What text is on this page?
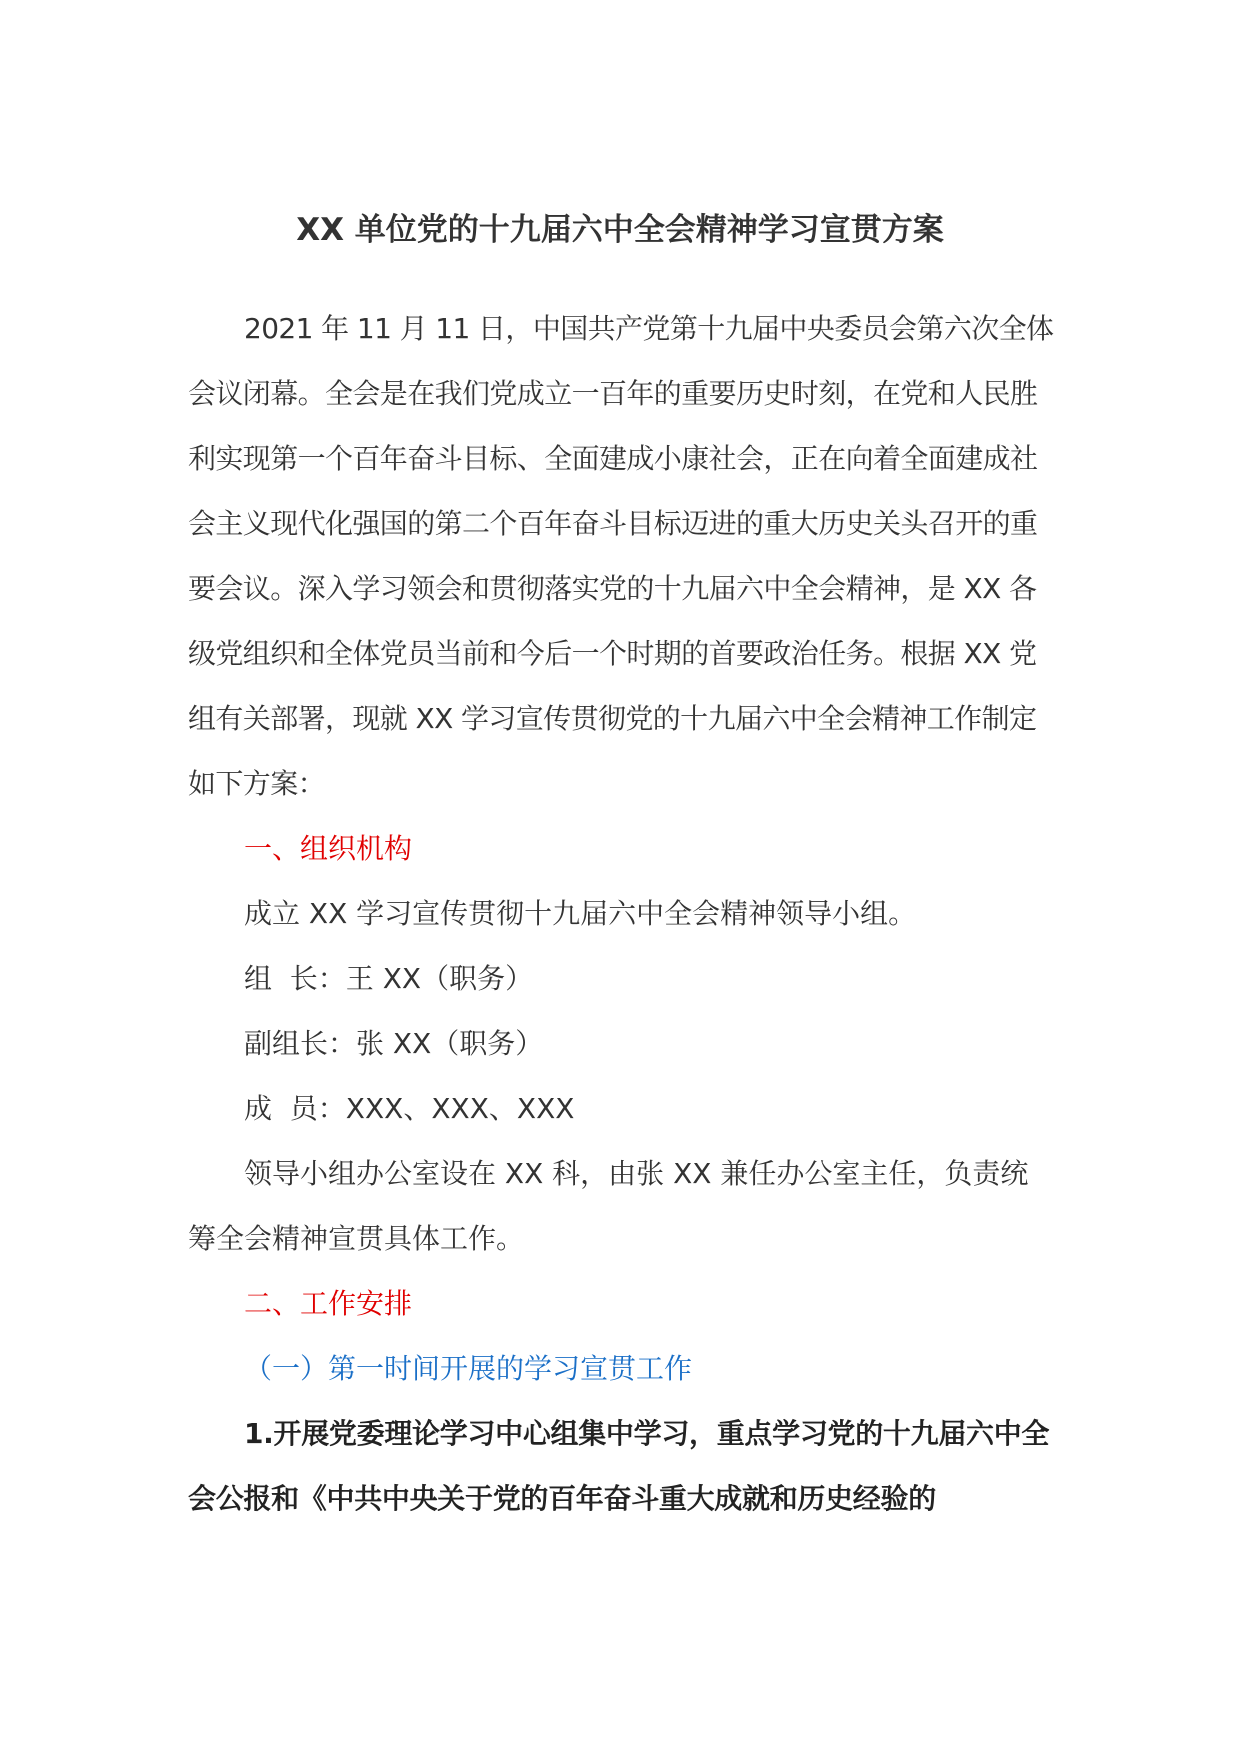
XX 单位党的十九届六中全会精神学习宣贯方案

2021 年 11 月 11 日，中国共产党第十九届中央委员会第六次全体会议闭幕。全会是在我们党成立一百年的重要历史时刻，在党和人民胜利实现第一个百年奋斗目标、全面建成小康社会，正在向着全面建成社会主义现代化强国的第二个百年奋斗目标迈进的重大历史关头召开的重要会议。深入学习领会和贯彻落实党的十九届六中全会精神，是 XX 各级党组织和全体党员当前和今后一个时期的首要政治任务。根据 XX 党组有关部署，现就 XX 学习宣传贯彻党的十九届六中全会精神工作制定如下方案：

一、组织机构

成立 XX 学习宣传贯彻十九届六中全会精神领导小组。

组  长：王 XX（职务）

副组长：张 XX（职务）

成  员：XXX、XXX、XXX

领导小组办公室设在 XX 科，由张 XX 兼任办公室主任，负责统筹全会精神宣贯具体工作。

二、工作安排

（一）第一时间开展的学习宣贯工作

1.开展党委理论学习中心组集中学习，重点学习党的十九届六中全会公报和《中共中央关于党的百年奋斗重大成就和历史经验的
